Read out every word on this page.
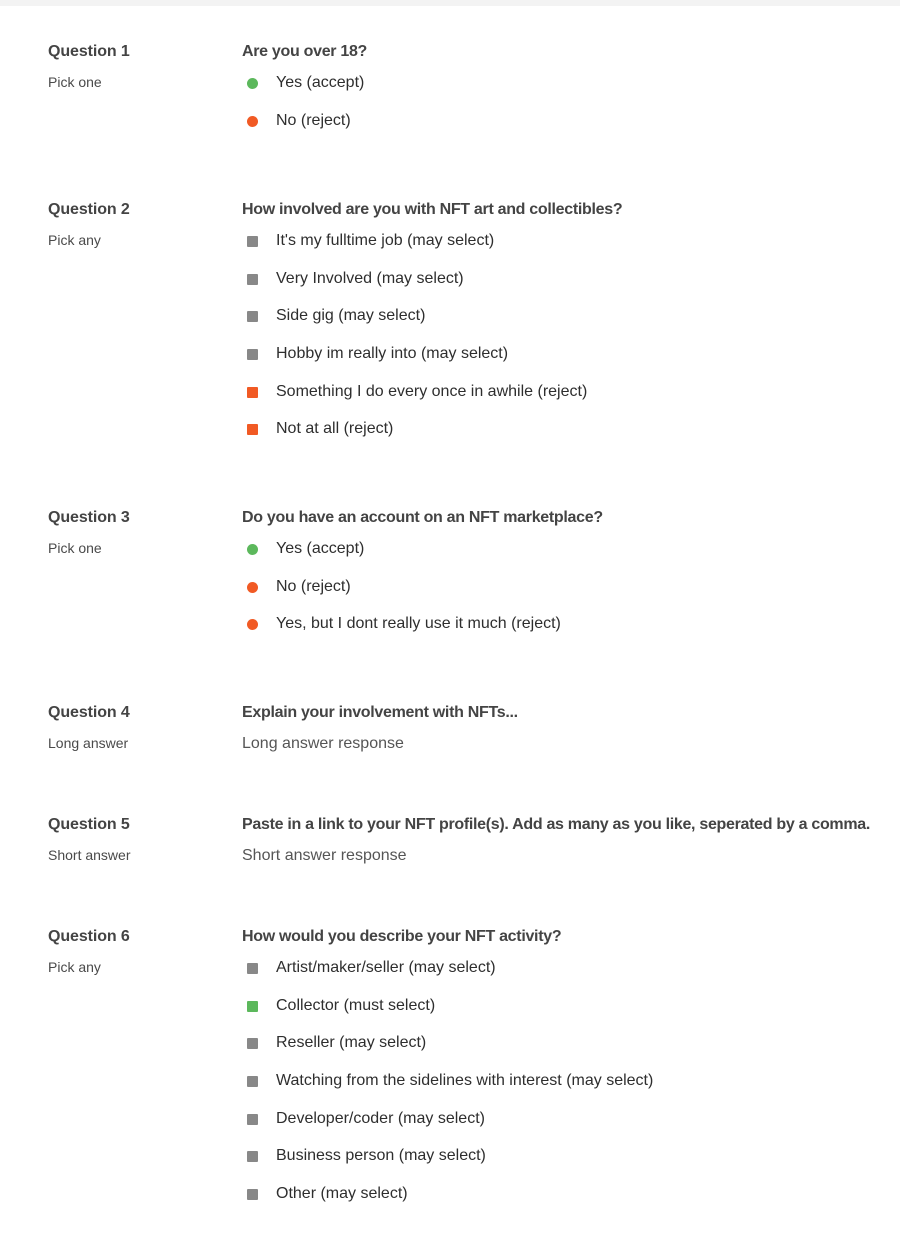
Question 1
Pick one
Are you over 18?
Yes (accept)
No (reject)
Question 2
Pick any
How involved are you with NFT art and collectibles?
It's my fulltime job (may select)
Very Involved (may select)
Side gig (may select)
Hobby im really into (may select)
Something I do every once in awhile (reject)
Not at all (reject)
Question 3
Pick one
Do you have an account on an NFT marketplace?
Yes (accept)
No (reject)
Yes, but I dont really use it much (reject)
Question 4
Long answer
Explain your involvement with NFTs...
Long answer response
Question 5
Short answer
Paste in a link to your NFT profile(s). Add as many as you like, seperated by a comma.
Short answer response
Question 6
Pick any
How would you describe your NFT activity?
Artist/maker/seller (may select)
Collector (must select)
Reseller (may select)
Watching from the sidelines with interest (may select)
Developer/coder (may select)
Business person (may select)
Other (may select)
